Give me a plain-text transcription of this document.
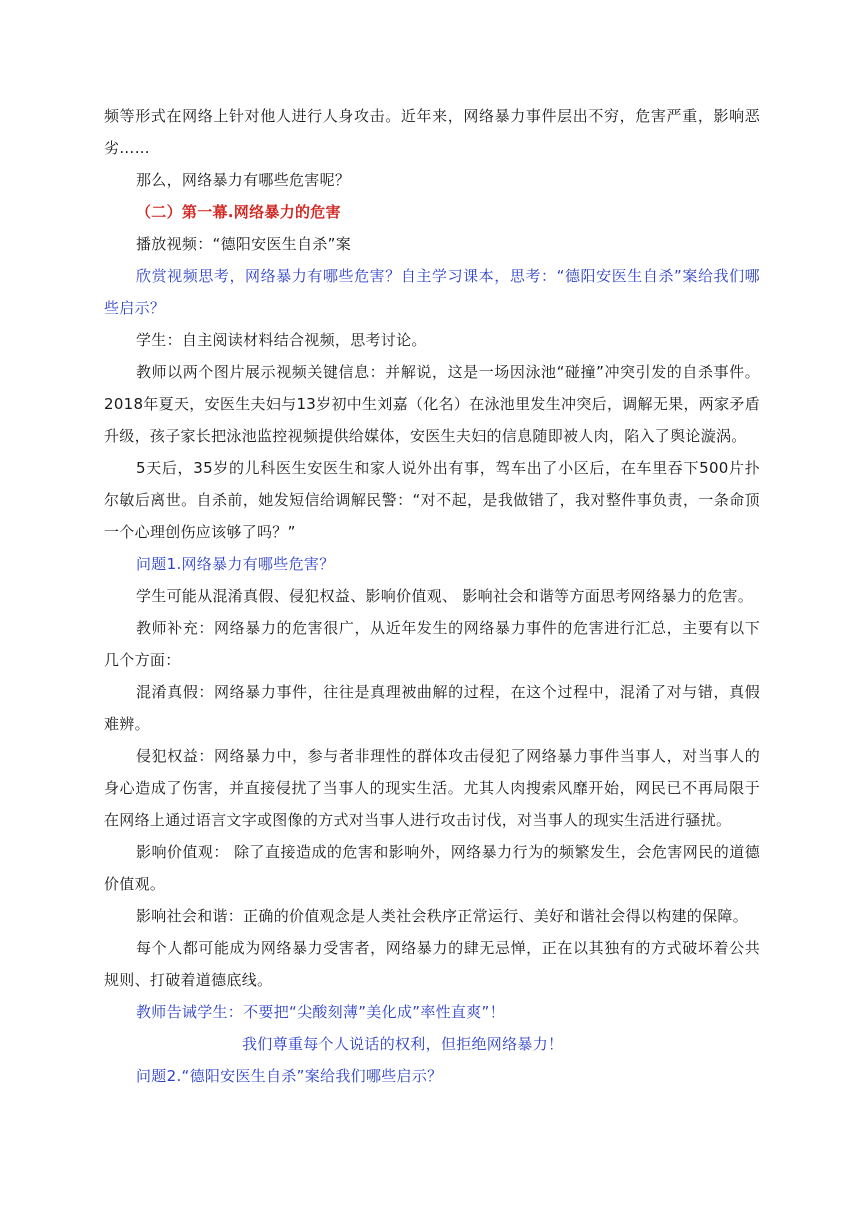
频等形式在网络上针对他人进行人身攻击。近年来，网络暴力事件层出不穷，危害严重，影响恶劣……

那么，网络暴力有哪些危害呢？

（二）第一幕.网络暴力的危害

播放视频：“德阳安医生自杀”案

欣赏视频思考，网络暴力有哪些危害？自主学习课本，思考：“德阳安医生自杀”案给我们哪些启示？

学生：自主阅读材料结合视频，思考讨论。

教师以两个图片展示视频关键信息：并解说，这是一场因泳池“碰撞”冲突引发的自杀事件。2018年夏天，安医生夫妇与13岁初中生刘嘉（化名）在泳池里发生冲突后，调解无果，两家矛盾升级，孩子家长把泳池监控视频提供给媒体，安医生夫妇的信息随即被人肉，陷入了舆论漩涡。

5天后，35岁的儿科医生安医生和家人说外出有事，驾车出了小区后，在车里吞下500片扑尔敏后离世。自杀前，她发短信给调解民警：“对不起，是我做错了，我对整件事负责，一条命顶一个心理创伤应该够了吗？”

问题1.网络暴力有哪些危害？

学生可能从混淆真假、侵犯权益、影响价值观、 影响社会和谐等方面思考网络暴力的危害。

教师补充：网络暴力的危害很广，从近年发生的网络暴力事件的危害进行汇总，主要有以下几个方面：

混淆真假：网络暴力事件，往往是真理被曲解的过程，在这个过程中，混淆了对与错，真假难辨。

侵犯权益：网络暴力中，参与者非理性的群体攻击侵犯了网络暴力事件当事人，对当事人的身心造成了伤害，并直接侵扰了当事人的现实生活。尤其人肉搜索风靡开始，网民已不再局限于在网络上通过语言文字或图像的方式对当事人进行攻击讨伐，对当事人的现实生活进行骚扰。

影响价值观： 除了直接造成的危害和影响外，网络暴力行为的频繁发生，会危害网民的道德价值观。

影响社会和谐：正确的价值观念是人类社会秩序正常运行、美好和谐社会得以构建的保障。

每个人都可能成为网络暴力受害者，网络暴力的肆无忌惮，正在以其独有的方式破坏着公共规则、打破着道德底线。

教师告诫学生：不要把“尖酸刻薄”美化成”率性直爽”！

我们尊重每个人说话的权利，但拒绝网络暴力！

问题2.“德阳安医生自杀”案给我们哪些启示？
